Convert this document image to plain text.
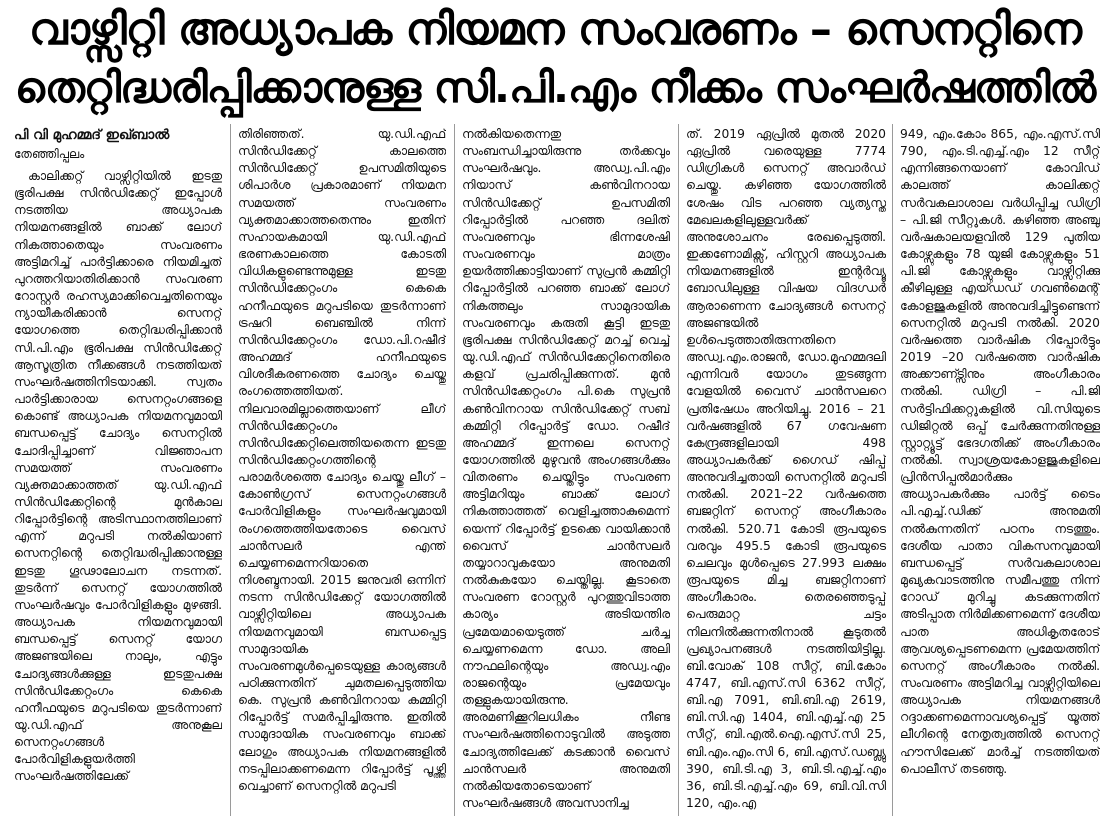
വാഴ്സിറ്റി അധ്യാപക നിയമന സംവരണം – സെനറ്റിനെ
തെറ്റിദ്ധരിപ്പിക്കാനുള്ള സി.പി.എം നീക്കം സംഘർഷത്തിൽ
പി വി മുഹമ്മദ് ഇഖ്ബാൽ
തേഞ്ഞിപ്പലം

കാലിക്കറ്റ് വാഴ്സിറ്റിയിൽ ഇടതു ഭൂരിപക്ഷ സിൻഡിക്കേറ്റ് ഇപ്പോൾ നടത്തിയ അധ്യാപക നിയമനങ്ങളിൽ ബാക്ക് ലോഗ് നികത്താതെയും സംവരണം അട്ടിമറിച്ച് പാർട്ടിക്കാരെ നിയമിച്ചത് പുറത്തറിയാതിരിക്കാൻ സംവരണ റോസ്റ്റർ രഹസ്യമാക്കിവെച്ചതിനെയും ന്യായീകരിക്കാൻ സെനറ്റ് യോഗത്തെ തെറ്റിദ്ധരിപ്പിക്കാൻ സി.പി.എം ഭൂരിപക്ഷ സിൻഡിക്കേറ്റ് ആസൂത്രിത നീക്കങ്ങൾ നടത്തിയത് സംഘർഷത്തിനിടയാക്കി. സ്വതം പാർട്ടിക്കാരായ സെനറ്റംഗങ്ങളെ കൊണ്ട് അധ്യാപക നിയമനവുമായി ബന്ധപ്പെട്ട് ചോദ്യം സെനറ്റിൽ ചോദിപ്പിച്ചാണ് വിജ്ഞാപന സമയത്ത് സംവരണം വ്യക്തമാക്കാത്തത് യു.ഡി.എഫ് സിൻഡിക്കേറ്റിന്റെ മുൻകാല റിപ്പോർട്ടിന്റെ അടിസ്ഥാനത്തിലാണ് എന്ന് മറുപടി നൽകിയാണ് സെനറ്റിന്റെ തെറ്റിദ്ധരിപ്പിക്കാനുള്ള ഇടതു ഗൂഢാലോചന നടന്നത്. തുടർന്ന് സെനറ്റ് യോഗത്തിൽ സംഘർഷവും പോർവിളികളും മുഴങ്ങി. അധ്യാപക നിയമനവുമായി ബന്ധപ്പെട്ട് സെനറ്റ് യോഗ അജണ്ടയിലെ നാലും, എട്ടും ചോദ്യങ്ങൾക്കുള്ള ഇടതുപക്ഷ സിൻഡിക്കേറ്റംഗം കെകെ ഹനീഫയുടെ മറുപടിയെ തുടർന്നാണ് യു.ഡി.എഫ് അനുകൂല സെനറ്റംഗങ്ങൾ പോർവിളികളുയർത്തി സംഘർഷത്തിലേക്ക്

തിരിഞ്ഞത്. യു.ഡി.എഫ് സിൻഡിക്കേറ്റ് കാലത്തെ സിൻഡിക്കേറ്റ് ഉപസമിതിയുടെ ശിപാർശ പ്രകാരമാണ് നിയമന സമയത്ത് സംവരണം വ്യക്തമാക്കാത്തതെന്നും ഇതിന് സഹായകമായി യു.ഡി.എഫ് ഭരണകാലത്തെ കോടതി വിധികളുണ്ടെന്നുമുള്ള ഇടതു സിൻഡിക്കേറ്റംഗം കെകെ ഹനീഫയുടെ മറുപടിയെ തുടർന്നാണ് ട്രഷറി ബെഞ്ചിൽ നിന്ന് സിൻഡിക്കേറ്റംഗം ഡോ.പി.റഷീദ് അഹമ്മദ് ഹനീഫയുടെ വിശദീകരണത്തെ ചോദ്യം ചെയ്തു രംഗത്തെത്തിയത്. നിലവാരമില്ലാത്തെയാണ് ലീഗ് സിൻഡിക്കേറ്റംഗം സിൻഡിക്കേറ്റിലെത്തിയതെന്ന ഇടതു സിൻഡിക്കേറ്റംഗത്തിന്റെ പരാമർശത്തെ ചോദ്യം ചെയ്തു ലീഗ് – കോൺഗ്രസ് സെനറ്റംഗങ്ങൾ പോർവിളികളും സംഘർഷവുമായി രംഗത്തെത്തിയതോടെ വൈസ് ചാൻസലർ എന്ത് ചെയ്യണമെന്നറിയാതെ നിശബ്ദനായി. 2015 ജനുവരി ഒന്നിന് നടന്ന സിൻഡിക്കേറ്റ് യോഗത്തിൽ വാഴ്സിറ്റിയിലെ അധ്യാപക നിയമനവുമായി ബന്ധപ്പെട്ട സാമുദായിക സംവരണമുൾപ്പെടെയുള്ള കാര്യങ്ങൾ പഠിക്കുന്നതിന് ചുമതലപ്പെടുത്തിയ കെ. സുപ്രൻ കൺവിനറായ കമ്മിറ്റി റിപ്പോർട്ട് സമർപ്പിച്ചിരുന്നു. ഇതിൽ സാമുദായിക സംവരണവും ബാക്ക് ലോഗും അധ്യാപക നിയമനങ്ങളിൽ നടപ്പിലാക്കണമെന്ന റിപ്പോർട്ട് പൂഴ്ത്തി വെച്ചാണ് സെനറ്റിൽ മറുപടി

നൽകിയതെന്നതു സംബന്ധിച്ചായിരുന്നു തർക്കവും സംഘർഷവും. അഡ്വ.പി.എം നിയാസ് കൺവിനറായ സിൻഡിക്കേറ്റ് ഉപസമിതി റിപ്പോർട്ടിൽ പറഞ്ഞ ദലിത് സംവരണവും ഭിന്നശേഷി സംവരണവും മാത്രം ഉയർത്തിക്കാട്ടിയാണ് സുപ്രൻ കമ്മിറ്റി റിപ്പോർട്ടിൽ പറഞ്ഞ ബാക്ക് ലോഗ് നികത്തലും സാമുദായിക സംവരണവും കരുതി കൂട്ടി ഇടതു ഭൂരിപക്ഷ സിൻഡിക്കേറ്റ് മറച്ച് വെച്ച് യു.ഡി.എഫ് സിൻഡിക്കേറ്റിനെതിരെ കളവ് പ്രചരിപ്പിക്കുന്നത്. മുൻ സിൻഡിക്കേറ്റംഗം പി.കെ സുപ്രൻ കൺവിനറായ സിൻഡിക്കേറ്റ് സബ് കമ്മിറ്റി റിപ്പോർട്ട് ഡോ. റഷീദ് അഹമ്മദ് ഇന്നലെ സെനറ്റ് യോഗത്തിൽ മുഴുവൻ അംഗങ്ങൾക്കും വിതരണം ചെയ്തിട്ടും സംവരണ അട്ടിമറിയും ബാക്ക് ലോഗ് നികത്താത്തത് വെളിച്ചത്താകുമെന്ന് യെന്ന് റിപ്പോർട്ട് ഉടക്കെ വായിക്കാൻ വൈസ് ചാൻസലർ തയ്യാറാവുകയോ അനുമതി നൽകുകയോ ചെയ്തില്ല. കൂടാതെ സംവരണ റോസ്റ്റർ പുറത്തുവിടാത്ത കാര്യം അടിയന്തിര പ്രമേയമായെടുത്ത് ചർച്ച ചെയ്യണമെന്ന ഡോ. അലി നൗഫലിന്റെയും അഡ്വ.എം രാജന്റെയും പ്രമേയവും തള്ളുകയായിരുന്നു. അരമണിക്കൂറിലധികം നീണ്ട സംഘർഷത്തിനൊടുവിൽ അടുത്ത ചോദ്യത്തിലേക്ക് കടക്കാൻ വൈസ് ചാൻസലർ അനുമതി നൽകിയതോടെയാണ് സംഘർഷങ്ങൾ അവസാനിച്ച

ത്. 2019 ഏപ്രിൽ മുതൽ 2020 ഏപ്രിൽ വരെയുള്ള 7774 ഡിഗ്രികൾ സെനറ്റ് അവാർഡ് ചെയ്തു. കഴിഞ്ഞ യോഗത്തിൽ ശേഷം വിട പറഞ്ഞ വ്യത്യസ്ത മേഖലകളിലുള്ളവർക്ക് അനുശോചനം രേഖപ്പെടുത്തി. ഇക്കണോമിക്സ്, ഹിസ്റ്ററി അധ്യാപക നിയമനങ്ങളിൽ ഇന്റർവ്യൂ ബോഡിലുള്ള വിഷയ വിദഗ്ധർ ആരാണെന്ന ചോദ്യങ്ങൾ സെനറ്റ് അജണ്ടയിൽ ഉൾപെടുത്താതിരുന്നതിനെ അഡ്വ.എം.രാജൻ, ഡോ.മുഹമ്മദലി എന്നിവർ യോഗം തുടങ്ങുന്ന വേളയിൽ വൈസ് ചാൻസലറെ പ്രതിഷേധം അറിയിച്ചു. 2016 – 21 വർഷങ്ങളിൽ 67 ഗവേഷണ കേന്ദ്രങ്ങളിലായി 498 അധ്യാപകർക്ക് ഗൈഡ് ഷിപ്പ് അനുവദിച്ചതായി സെനറ്റിൽ മറുപടി നൽകി. 2021–22 വർഷത്തെ ബജറ്റിന് സെനറ്റ് അംഗീകാരം നൽകി. 520.71 കോടി രൂപയുടെ വരവും 495.5 കോടി രൂപയുടെ ചെലവും മുൾപ്പെടെ 27.993 ലക്ഷം രൂപയുടെ മിച്ച ബജറ്റിനാണ് അംഗീകാരം. തെരഞ്ഞെടുപ്പ് പെരുമാറ്റ ചട്ടം നിലനിൽക്കുന്നതിനാൽ കൂടുതൽ പ്രഖ്യാപനങ്ങൾ നടത്തിയിട്ടില്ല. ബി.വോക് 108 സീറ്റ്, ബി.കോം 4747, ബി.എസ്.സി 6362 സീറ്റ്, ബി.എ 7091, ബി.ബി.എ 2619, ബി.സി.എ 1404, ബി.എച്ച്.എ 25 സീറ്റ്, ബി.എൽ.ഐ.എസ്.സി 25, ബി.എം.എം.സി 6, ബി.എസ്.ഡബ്ല്യു 390, ബി.ടി.എ 3, ബി.ടി.എച്ച്.എം 36, ബി.ടി.എച്ച്.എം 69, ബി.വി.സി 120, എം.എ

949, എം.കോം 865, എം.എസ്.സി 790, എം.ടി.എച്ച്.എം 12 സീറ്റ് എന്നിങ്ങനെയാണ് കോവിഡ് കാലത്ത് കാലിക്കറ്റ് സർവകലാശാല വർധിപ്പിച്ച ഡിഗ്രി – പി.ജി സീറ്റുകൾ. കഴിഞ്ഞ അഞ്ചു വർഷകാലയളവിൽ 129 പുതിയ കോഴ്സുകളും 78 യുജി കോഴ്സുകളും 51 പി.ജി കോഴ്സുകളും വാഴ്സിറ്റിക്കു കീഴിലുള്ള എയ്ഡഡ് ഗവൺമെന്റ് കോളജുകളിൽ അനുവദിച്ചിട്ടുണ്ടെന്ന് സെനറ്റിൽ മറുപടി നൽകി. 2020 വർഷത്തെ വാർഷിക റിപ്പോർട്ടും 2019 –20 വർഷത്തെ വാർഷിക അക്കൗണ്ട്സിനും അംഗീകാരം നൽകി. ഡിഗ്രി – പി.ജി സർട്ടിഫിക്കറ്റുകളിൽ വി.സിയുടെ ഡിജിറ്റൽ ഒപ്പ് ചേർക്കുന്നതിനുള്ള സ്റ്റാറ്റ്യൂട്ട് ഭേദഗതിക്ക് അംഗീകാരം നൽകി. സ്വാശ്രയകോളജുകളിലെ പ്രിൻസിപ്പൽമാർക്കും അധ്യാപകർക്കും പാർട്ട് ടൈം പി.എച്ച്.ഡിക്ക് അനുമതി നൽകുന്നതിന് പഠനം നടത്തും. ദേശീയ പാതാ വികസനവുമായി ബന്ധപ്പെട്ട് സർവകലാശാല മുഖ്യകവാടത്തിനു സമീപത്തു നിന്ന് റോഡ് മുറിച്ചു കടക്കുന്നതിന് അടിപ്പാത നിർമിക്കണമെന്ന് ദേശീയ പാത അധികൃതരോട് ആവശ്യപ്പെടണമെന്ന പ്രമേയത്തിന് സെനറ്റ് അംഗീകാരം നൽകി. സംവരണം അട്ടിമറിച്ച വാഴ്സിറ്റിയിലെ അധ്യാപക നിയമനങ്ങൾ റദ്ദാക്കണമെന്നാവശ്യപ്പെട്ട് യൂത്ത് ലീഗിന്റെ നേതൃത്വത്തിൽ സെനറ്റ് ഹൗസിലേക്ക് മാർച്ച് നടത്തിയത് പൊലീസ് തടഞ്ഞു.
